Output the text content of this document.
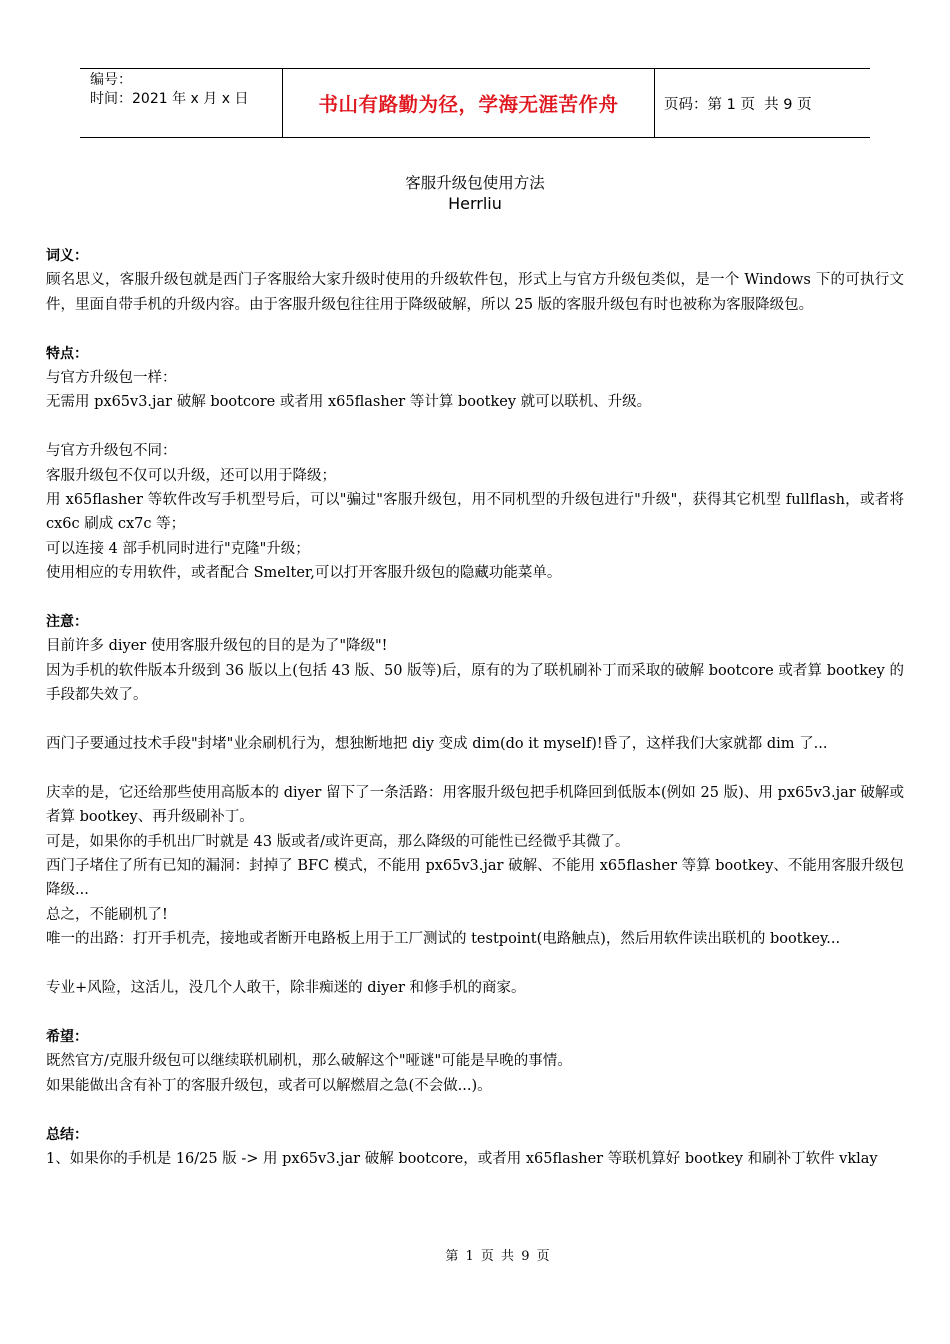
编号：
时间：2021 年 x 月 x 日	书山有路勤为径，学海无涯苦作舟	页码：第 1 页  共 9 页
客服升级包使用方法
Herrliu

词义：

顾名思义，客服升级包就是西门子客服给大家升级时使用的升级软件包，形式上与官方升级包类似，是一个 Windows 下的可执行文件，里面自带手机的升级内容。由于客服升级包往往用于降级破解，所以 25 版的客服升级包有时也被称为客服降级包。

特点：

与官方升级包一样：

无需用 px65v3.jar 破解 bootcore 或者用 x65flasher 等计算 bootkey 就可以联机、升级。

与官方升级包不同：

客服升级包不仅可以升级，还可以用于降级；

用 x65flasher 等软件改写手机型号后，可以"骗过"客服升级包，用不同机型的升级包进行"升级"，获得其它机型 fullflash，或者将 cx6c 刷成 cx7c 等；

可以连接 4 部手机同时进行"克隆"升级；

使用相应的专用软件，或者配合 Smelter,可以打开客服升级包的隐藏功能菜单。

注意：

目前许多 diyer 使用客服升级包的目的是为了"降级"!

因为手机的软件版本升级到 36 版以上(包括 43 版、50 版等)后，原有的为了联机刷补丁而采取的破解 bootcore 或者算 bootkey 的手段都失效了。

西门子要通过技术手段"封堵"业余刷机行为，想独断地把 diy 变成 dim(do it myself)!昏了，这样我们大家就都 dim 了...

庆幸的是，它还给那些使用高版本的 diyer 留下了一条活路：用客服升级包把手机降回到低版本(例如 25 版)、用 px65v3.jar 破解或者算 bootkey、再升级刷补丁。

可是，如果你的手机出厂时就是 43 版或者/或许更高，那么降级的可能性已经微乎其微了。

西门子堵住了所有已知的漏洞：封掉了 BFC 模式，不能用 px65v3.jar 破解、不能用 x65flasher 等算 bootkey、不能用客服升级包降级...

总之，不能刷机了!

唯一的出路：打开手机壳，接地或者断开电路板上用于工厂测试的 testpoint(电路触点)，然后用软件读出联机的 bootkey...

专业+风险，这活儿，没几个人敢干，除非痴迷的 diyer 和修手机的商家。

希望：

既然官方/克服升级包可以继续联机刷机，那么破解这个"哑谜"可能是早晚的事情。

如果能做出含有补丁的客服升级包，或者可以解燃眉之急(不会做...)。

总结：

1、如果你的手机是 16/25 版 -> 用 px65v3.jar 破解 bootcore，或者用 x65flasher 等联机算好 bootkey 和刷补丁软件 vklay

第 1 页 共 9 页
